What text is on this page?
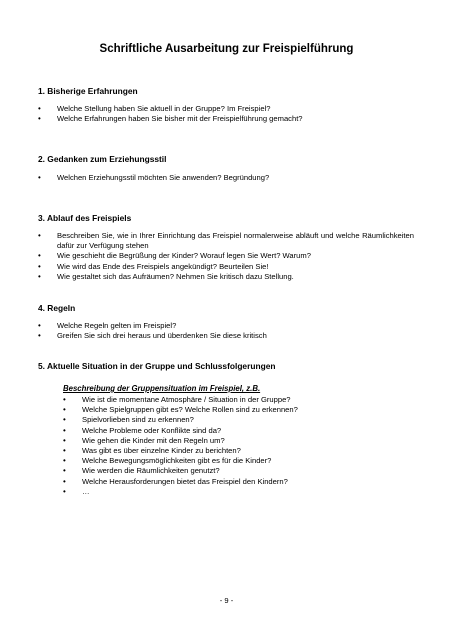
Schriftliche Ausarbeitung zur Freispielführung
1. Bisherige Erfahrungen
• Welche Stellung haben Sie aktuell in der Gruppe? Im Freispiel?
• Welche Erfahrungen haben Sie bisher mit der Freispielführung gemacht?
2. Gedanken zum Erziehungsstil
• Welchen Erziehungsstil möchten Sie anwenden? Begründung?
3. Ablauf des Freispiels
• Beschreiben Sie, wie in Ihrer Einrichtung das Freispiel normalerweise abläuft und welche Räumlichkeiten dafür zur Verfügung stehen
• Wie geschieht die Begrüßung der Kinder? Worauf legen Sie Wert? Warum?
• Wie wird das Ende des Freispiels angekündigt? Beurteilen Sie!
• Wie gestaltet sich das Aufräumen? Nehmen Sie kritisch dazu Stellung.
4. Regeln
• Welche Regeln gelten im Freispiel?
• Greifen Sie sich drei heraus und überdenken Sie diese kritisch
5. Aktuelle Situation in der Gruppe und Schlussfolgerungen
Beschreibung der Gruppensituation im Freispiel, z.B.
• Wie ist die momentane Atmosphäre / Situation in der Gruppe?
• Welche Spielgruppen gibt es? Welche Rollen sind zu erkennen?
• Spielvorlieben sind zu erkennen?
• Welche Probleme oder Konflikte sind da?
• Wie gehen die Kinder mit den Regeln um?
• Was gibt es über einzelne Kinder zu berichten?
• Welche Bewegungsmöglichkeiten gibt es für die Kinder?
• Wie werden die Räumlichkeiten genutzt?
• Welche Herausforderungen bietet das Freispiel den Kindern?
• …
- 9 -
